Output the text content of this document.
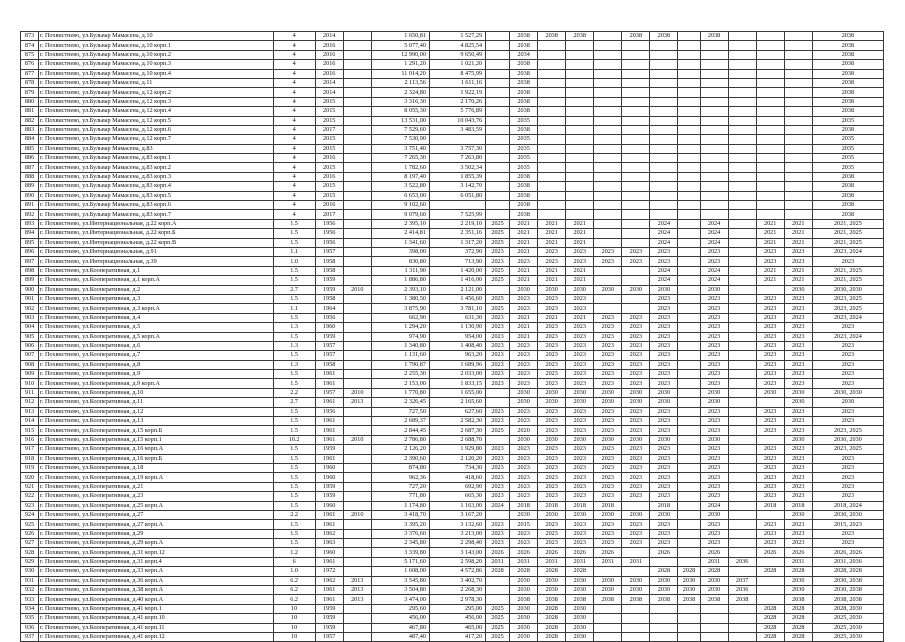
873	г. Похвистнево, ул.Бульвар Мамасена, д.10	4	2014		1 650,81	1 527,29		2038	2038	2038		2038	2038		2038				2038
874	г. Похвистнево, ул.Бульвар Мамасена, д.10 корп.1	4	2016		5 077,40	4 825,54		2038											2038
875	г. Похвистнево, ул.Бульвар Мамасена, д.10 корп.2	4	2016		12 990,00	9 650,49		2034											2038
876	г. Похвистнево, ул.Бульвар Мамасена, д.10 корп.3	4	2016		1 291,20	1 021,20		2038											2038
877	г. Похвистнево, ул.Бульвар Мамасена, д.10 корп.4	4	2016		11 014,20	8 475,99		2038											2038
878	г. Похвистнево, ул.Бульвар Мамасена, д.11	4	2014		2 113,56	1 611,16		2038											2038
879	г. Похвистнево, ул.Бульвар Мамасена, д.12 корп.2	4	2014		2 324,80	1 922,19		2038											2038
880	г. Похвистнево, ул.Бульвар Мамасена, д.12 корп.3	4	2015		3 316,30	2 170,26		2038											2038
881	г. Похвистнево, ул.Бульвар Мамасена, д.12 корп.4	4	2015		8 055,30	5 776,89		2038											2038
882	г. Похвистнево, ул.Бульвар Мамасена, д.12 корп.5	4	2015		13 531,00	10 043,76		2035											2035
883	г. Похвистнево, ул.Бульвар Мамасена, д.12 корп.6	4	2017		7 529,60	3 483,59		2038											2038
884	г. Похвистнево, ул.Бульвар Мамасена, д.12 корп.7	4	2015		7 530,90			2035											2035
885	г. Похвистнево, ул.Бульвар Мамасена, д.83	4	2015		3 751,40	3 757,30		2035											2035
886	г. Похвистнево, ул.Бульвар Мамасена, д.83 корп.1	4	2016		7 265,30	7 263,80		2035											2035
887	г. Похвистнево, ул.Бульвар Мамасена, д.83 корп.2	4	2015		1 782,60	3 502,34		2035											2035
888	г. Похвистнево, ул.Бульвар Мамасена, д.83 корп.3	4	2016		8 197,40	1 855,39		2038											2038
889	г. Похвистнево, ул.Бульвар Мамасена, д.83 корп.4	4	2015		3 522,80	3 142,70		2038											2038
890	г. Похвистнево, ул.Бульвар Мамасена, д.83 корп.5	4	2015		6 653,00	6 051,80		2038											2038
891	г. Похвистнево, ул.Бульвар Мамасена, д.83 корп.6	4	2016		9 102,60			2038											2038
892	г. Похвистнево, ул.Бульвар Мамасена, д.83 корп.7	4	2017		9 079,60	7 525,99		2038											2038
893	г. Похвистнево, ул.Интернациональная, д.22 корп.А	1.5	1956		2 395,10	2 219,10	2025	2021	2021	2021			2024		2024		2021	2021	2021, 2025
894	г. Похвистнево, ул.Интернациональная, д.22 корп.Б	1.5	1956		2 414,81	2 351,16	2025	2021	2021	2021			2024		2024		2021	2021	2021, 2025
895	г. Похвистнево, ул.Интернациональная, д.22 корп.В	1.5	1956		1 341,60	1 317,20	2025	2021	2021	2021			2024		2024		2021	2021	2021, 2025
896	г. Похвистнево, ул.Интернациональная, д.91	1.1	1957		398,00	372,90	2023	2021	2023	2023	2023	2023	2023		2023		2023	2023	2023, 2024
897	г. Похвистнево, ул.Интернациональная, д.39	1.0	1958		830,80	713,90	2023	2023	2023	2023	2023	2023	2023		2023		2023	2023	2023
898	г. Похвистнево, ул.Кооперативная, д.1	1.5	1958		1 311,90	1 420,00	2025	2021	2021	2021			2024		2024		2021	2021	2021, 2025
899	г. Похвистнево, ул.Кооперативная, д.1 корп.А	1.5	1959		1 886,80	1 416,00	2025	2021	2021	2021			2024		2024		2021	2021	2021, 2025
900	г. Похвистнево, ул.Кооперативная, д.2	2.7	1959	2010	2 393,10	2 121,00		2030	2030	2030	2030	2030	2030		2030			2030	2030, 2030
901	г. Похвистнево, ул.Кооперативная, д.3	1.5	1958		1 380,50	1 456,60	2025	2023	2023	2023			2023		2023		2023	2023	2023, 2025
902	г. Похвистнево, ул.Кооперативная, д.3 корп.А	1.1	1964		3 875,90	3 781,10	2025	2023	2023	2023			2023		2023		2023	2023	2023, 2025
903	г. Похвистнево, ул.Кооперативная, д.4	1.5	1956		662,90	631,30	2023	2021	2021	2021	2023	2023	2023		2023		2023	2023	2023, 2024
904	г. Похвистнево, ул.Кооперативная, д.5	1.3	1960		1 294,20	1 130,90	2023	2021	2023	2023	2023	2023	2023		2023		2023	2023	2023
905	г. Похвистнево, ул.Кооперативная, д.5 корп.А	1.5	1959		974,90	954,00	2023	2021	2023	2023	2023	2023	2023		2023		2023	2023	2023, 2024
906	г. Похвистнево, ул.Кооперативная, д.6	1.3	1957		1 340,80	1 408,40	2023	2023	2023	2023	2023	2023	2023		2023		2023	2023	2023
907	г. Похвистнево, ул.Кооперативная, д.7	1.5	1957		1 131,60	963,20	2023	2023	2023	2023	2023	2023	2023		2023		2023	2023	2023
908	г. Похвистнево, ул.Кооперативная, д.8	1.3	1958		1 790,87	1 689,96	2023	2023	2023	2023	2023	2023	2023		2023		2023	2023	2023
909	г. Похвистнево, ул.Кооперативная, д.9	1.5	1961		2 255,30	2 033,00	2023	2023	2023	2023	2023	2023	2023		2023		2023	2023	2023
910	г. Похвистнево, ул.Кооперативная, д.9 корп.А	1.5	1961		2 153,00	1 833,15	2023	2023	2023	2023	2023	2023	2023		2023		2023	2023	2023
911	г. Похвистнево, ул.Кооперативная, д.10	2.2	1957	2010	1 770,80	1 655,00		2030	2030	2030	2030	2030	2030		2030		2030	2030	2030, 2030
912	г. Похвистнево, ул.Кооперативная, д.11	2.7	1961	2013	2 326,45	2 165,60		2030	2030	2030	2030	2030	2030		2030			2030	2030
913	г. Похвистнево, ул.Кооперативная, д.12	1.5	1956		727,50	627,60	2023	2023	2023	2023	2023	2023	2023		2023		2023	2023	2023
914	г. Похвистнево, ул.Кооперативная, д.13	1.5	1961		2 689,37	2 582,30	2023	2023	2023	2023	2023	2023	2023		2023		2023	2023	2023
915	г. Похвистнево, ул.Кооперативная, д.15 корп.Б	1.5	1961		2 844,45	2 687,30	2025	2020	2023	2023	2023	2023	2023		2023		2023	2023	2023, 2025
916	г. Похвистнево, ул.Кооперативная, д.15 корп.1	10.2	1961	2010	2 786,80	2 688,70		2030	2030	2030	2030	2030	2030		2030			2030	2030, 2030
917	г. Похвистнево, ул.Кооперативная, д.16 корп.А	1.5	1959		2 126,20	1 929,80	2023	2023	2023	2023	2023	2023	2023		2023		2023	2023	2023, 2025
918	г. Похвистнево, ул.Кооперативная, д.16 корп.Б	1.5	1961		2 390,60	2 120,20	2023	2023	2023	2023	2023	2023	2023		2023		2023	2023	2023
919	г. Похвистнево, ул.Кооперативная, д.18	1.5	1960		874,80	734,30	2023	2023	2023	2023	2023	2023	2023		2023		2023	2023	2023
920	г. Похвистнево, ул.Кооперативная, д.19 корп.А	1.5	1960		962,36	418,60	2023	2023	2023	2023	2023	2023	2023		2023		2023	2023	2023
921	г. Похвистнево, ул.Кооперативная, д.21	1.5	1959		727,20	692,90	2023	2023	2023	2023	2023	2023	2023		2023		2023	2023	2023
922	г. Похвистнево, ул.Кооперативная, д.23	1.5	1959		771,80	665,30	2023	2023	2023	2023	2023	2023	2023		2023		2023	2023	2023
923	г. Похвистнево, ул.Кооперативная, д.25 корп.А	1.5	1960		1 174,80	1 163,00	2024	2018	2018	2018	2018		2018		2024		2018	2018	2018, 2024
924	г. Похвистнево, ул.Кооперативная, д.27	2.2	1961	2010	3 418,70	3 167,20		2030	2030	2030	2030	2030	2030		2030			2030	2030, 2030
925	г. Похвистнево, ул.Кооперативная, д.27 корп.А	1.5	1961		3 395,20	3 132,60	2023	2015	2023	2023	2023	2023	2023		2023		2023	2023	2015, 2023
926	г. Похвистнево, ул.Кооперативная, д.29	1.5	1962		3 376,60	3 213,00	2023	2023	2023	2023	2023	2023	2023		2023		2023	2023	2023
927	г. Похвистнево, ул.Кооперативная, д.29 корп.А	1.5	1963		2 345,80	2 298,40	2023	2023	2023	2023	2023	2023	2023		2023		2023	2023	2023
928	г. Похвистнево, ул.Кооперативная, д.31 корп.12	1.2	1960		3 339,80	3 143,00	2026	2026	2026	2026	2026		2026		2026		2026	2026	2026, 2026
929	г. Похвистнево, ул.Кооперативная, д.31 корп.4	6	1961		5 171,60	2 598,20	2031	2031	2031	2031	2031	2031			2031	2036		2031	2031, 2036
930	г. Похвистнево, ул.Кооперативная, д.33 корп.А	1.0	1972		1 608,00	4 572,86	2028	2028	2028	2028			2028	2028	2028		2028	2028	2028, 2028
931	г. Похвистнево, ул.Кооперативная, д.36 корп.А	6.2	1962	2013	3 545,80	3 402,70		2030	2030	2030	2030	2030	2030	2030	2030	2037		2030	2030, 2038
932	г. Похвистнево, ул.Кооперативная, д.38 корп.А	6.2	1961	2013	3 504,80	2 268,30		2030	2030	2030	2030	2030	2030	2030	2030	2036		2030	2030, 2038
933	г. Похвистнево, ул.Кооперативная, д.40 корп.А	6.2	1961	2013	3 474,00	2 978,30		2038	2038	2038	2038	2038	2038	2038	2038	2038		2038	2038, 2038
934	г. Похвистнево, ул.Кооперативная, д.41 корп.1	10	1959		295,60	295,00	2025	2030	2028	2030							2028	2028	2028, 2030
935	г. Похвистнево, ул.Кооперативная, д.41 корп.10	10	1959		456,00	456,00	2025	2030	2028	2030							2028	2028	2025, 2030
936	г. Похвистнево, ул.Кооперативная, д.41 корп.11	10	1959		467,80	465,00	2025	2030	2028	2030							2028	2028	2025, 2030
937	г. Похвистнево, ул.Кооперативная, д.41 корп.12	10	1957		487,40	417,20	2025	2030	2028	2030							2028	2028	2025, 2030
